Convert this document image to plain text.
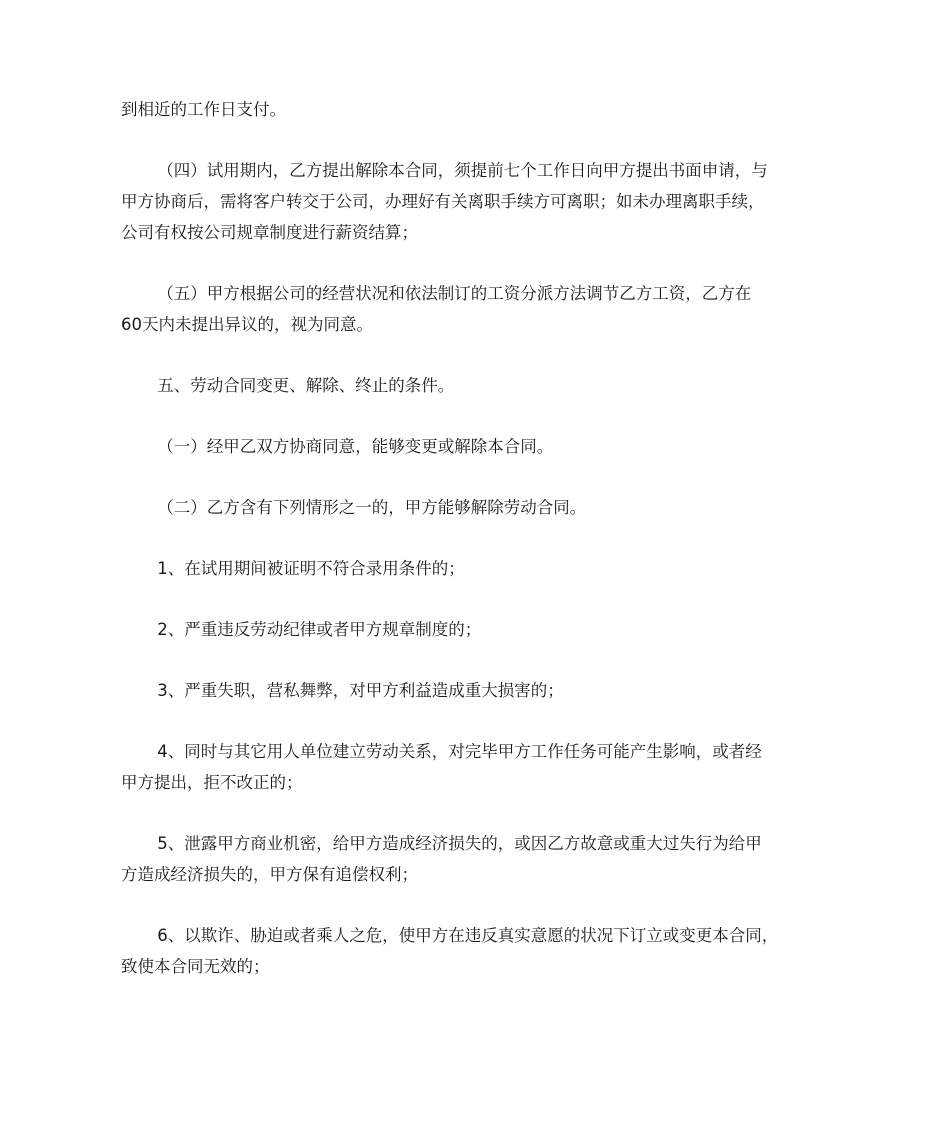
到相近的工作日支付。

（四）试用期内，乙方提出解除本合同，须提前七个工作日向甲方提出书面申请，与
甲方协商后，需将客户转交于公司，办理好有关离职手续方可离职；如未办理离职手续，
公司有权按公司规章制度进行薪资结算；

（五）甲方根据公司的经营状况和依法制订的工资分派方法调节乙方工资，乙方在
60天内未提出异议的，视为同意。

五、劳动合同变更、解除、终止的条件。

（一）经甲乙双方协商同意，能够变更或解除本合同。

（二）乙方含有下列情形之一的，甲方能够解除劳动合同。

1、在试用期间被证明不符合录用条件的；

2、严重违反劳动纪律或者甲方规章制度的；

3、严重失职，营私舞弊，对甲方利益造成重大损害的；

4、同时与其它用人单位建立劳动关系，对完毕甲方工作任务可能产生影响，或者经
甲方提出，拒不改正的；

5、泄露甲方商业机密，给甲方造成经济损失的，或因乙方故意或重大过失行为给甲
方造成经济损失的，甲方保有追偿权利；

6、以欺诈、胁迫或者乘人之危，使甲方在违反真实意愿的状况下订立或变更本合同，
致使本合同无效的；
